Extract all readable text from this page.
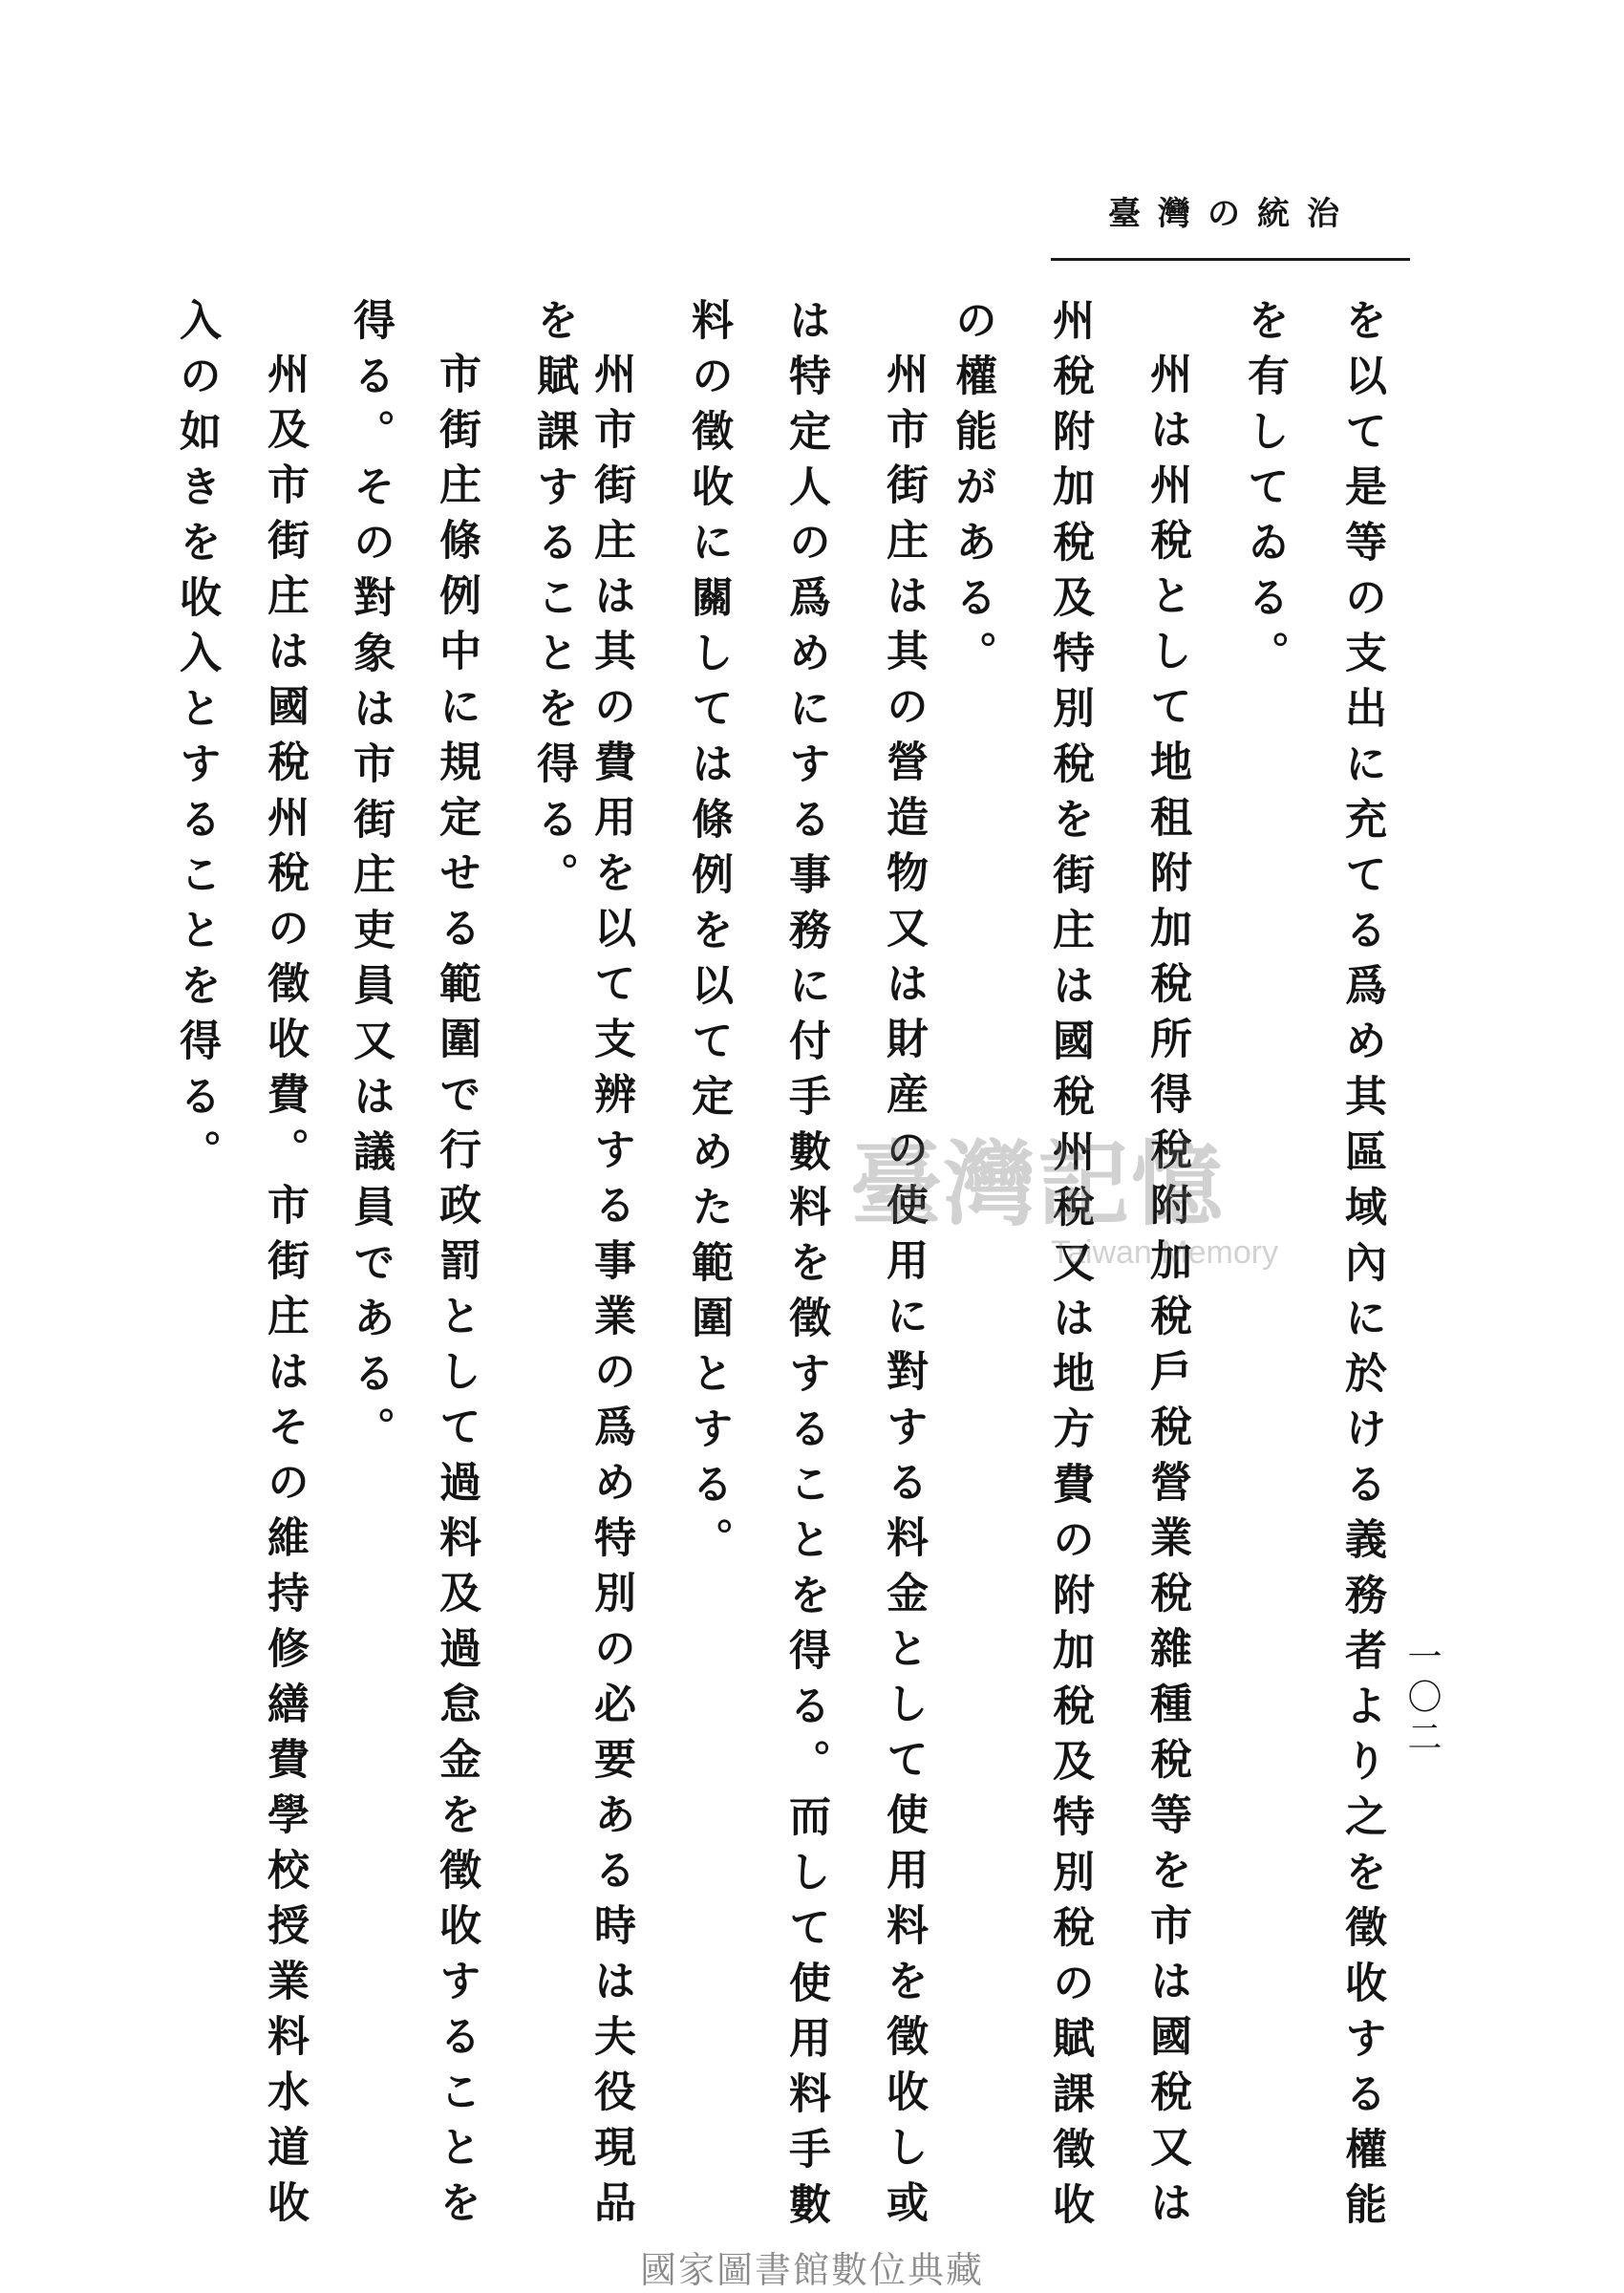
臺灣の統治
一〇二
を以て是等の支出に充てる爲め其區域內に於ける義務者より之を徵收する權能
を有してゐる。
州は州稅として地租附加稅所得稅附加稅戶稅營業稅雜種稅等を市は國稅又は
州稅附加稅及特別稅を街庄は國稅州稅又は地方費の附加稅及特別稅の賦課徵收
の權能がある。
州市街庄は其の營造物又は財産の使用に對する料金として使用料を徵收し或
は特定人の爲めにする事務に付手數料を徵することを得る。而して使用料手數
料の徵收に關しては條例を以て定めた範圍とする。
州市街庄は其の費用を以て支辨する事業の爲め特別の必要ある時は夫役現品
を賦課することを得る。
市街庄條例中に規定せる範圍で行政罰として過料及過怠金を徵收することを
得る。その對象は市街庄吏員又は議員である。
州及市街庄は國稅州稅の徵收費。市街庄はその維持修繕費學校授業料水道收
入の如きを收入とすることを得る。	臺灣記憶
Taiwan Memory
國家圖書館數位典藏
